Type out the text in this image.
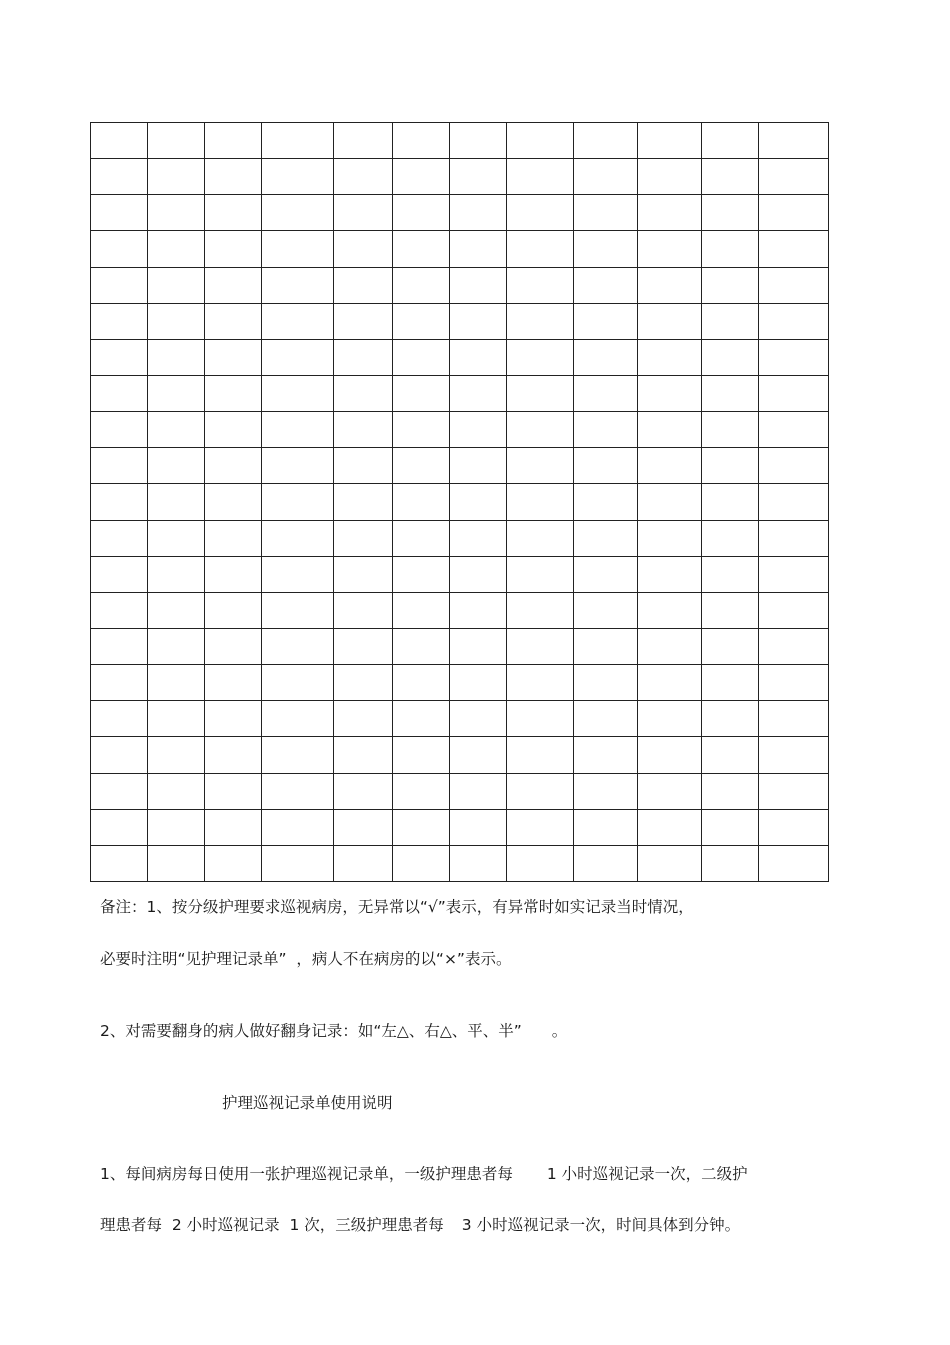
备注：1、按分级护理要求巡视病房，无异常以“√”表示，有异常时如实记录当时情况，

必要时注明“见护理记录单”  ，病人不在病房的以“×”表示。

2、对需要翻身的病人做好翻身记录：如“左△、右△、平、半” 。

护理巡视记录单使用说明

1、每间病房每日使用一张护理巡视记录单，一级护理患者每 1 小时巡视记录一次，二级护

理患者每  2 小时巡视记录  1 次，三级护理患者每 3 小时巡视记录一次，时间具体到分钟。
